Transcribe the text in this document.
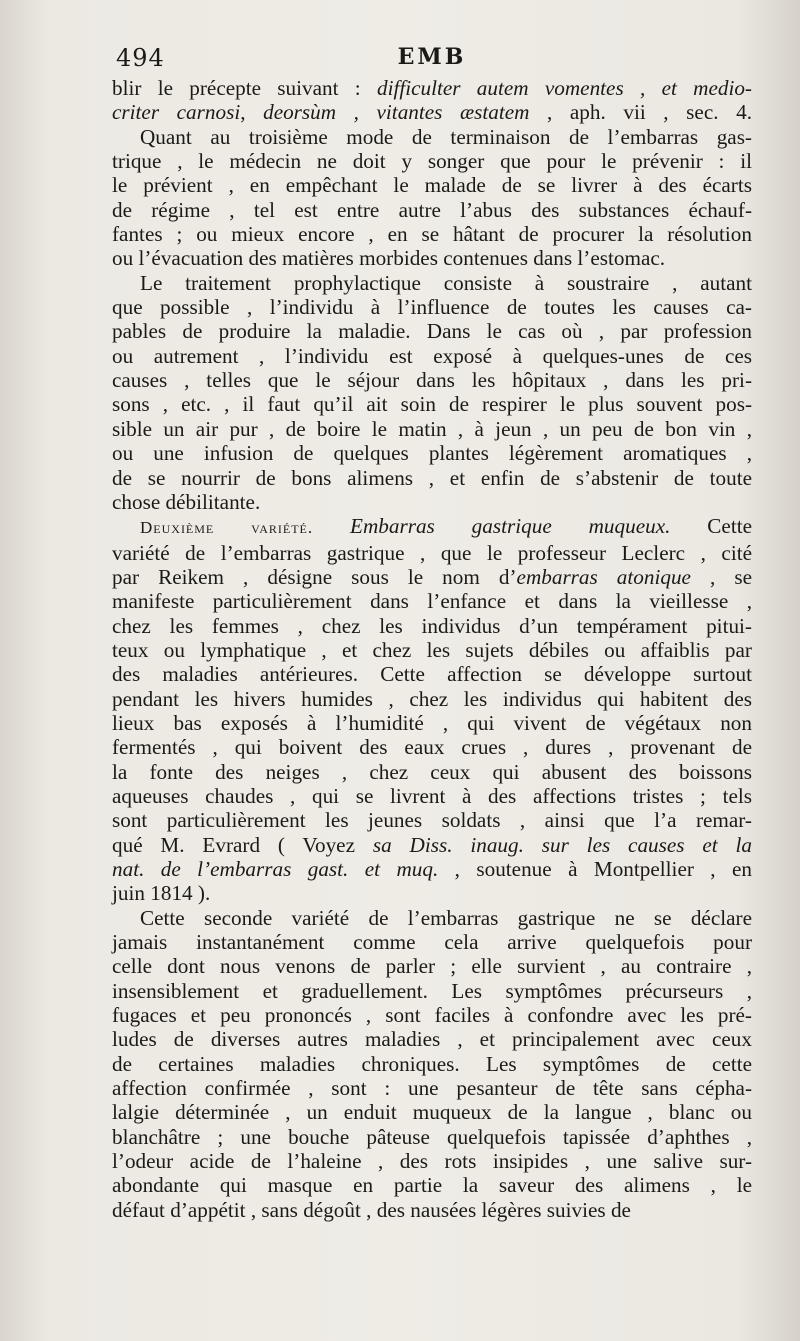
494	EMB

blir le précepte suivant : difficulter autem vomentes , et medio-
criter carnosi, deorsùm , vitantes æstatem , aph. vii , sec. 4.

Quant au troisième mode de terminaison de l’embarras gas-
trique , le médecin ne doit y songer que pour le prévenir : il
le prévient , en empêchant le malade de se livrer à des écarts
de régime , tel est entre autre l’abus des substances échauf-
fantes ; ou mieux encore , en se hâtant de procurer la résolution
ou l’évacuation des matières morbides contenues dans l’estomac.

Le traitement prophylactique consiste à soustraire , autant
que possible , l’individu à l’influence de toutes les causes ca-
pables de produire la maladie. Dans le cas où , par profession
ou autrement , l’individu est exposé à quelques-unes de ces
causes , telles que le séjour dans les hôpitaux , dans les pri-
sons , etc. , il faut qu’il ait soin de respirer le plus souvent pos-
sible un air pur , de boire le matin , à jeun , un peu de bon vin ,
ou une infusion de quelques plantes légèrement aromatiques ,
de se nourrir de bons alimens , et enfin de s’abstenir de toute
chose débilitante.

Deuxième variété. Embarras gastrique muqueux. Cette
variété de l’embarras gastrique , que le professeur Leclerc , cité
par Reikem , désigne sous le nom d’embarras atonique , se
manifeste particulièrement dans l’enfance et dans la vieillesse ,
chez les femmes , chez les individus d’un tempérament pitui-
teux ou lymphatique , et chez les sujets débiles ou affaiblis par
des maladies antérieures. Cette affection se développe surtout
pendant les hivers humides , chez les individus qui habitent des
lieux bas exposés à l’humidité , qui vivent de végétaux non
fermentés , qui boivent des eaux crues , dures , provenant de
la fonte des neiges , chez ceux qui abusent des boissons
aqueuses chaudes , qui se livrent à des affections tristes ; tels
sont particulièrement les jeunes soldats , ainsi que l’a remar-
qué M. Evrard ( Voyez sa Diss. inaug. sur les causes et la
nat. de l’embarras gast. et muq. , soutenue à Montpellier , en
juin 1814 ).

Cette seconde variété de l’embarras gastrique ne se déclare
jamais instantanément comme cela arrive quelquefois pour
celle dont nous venons de parler ; elle survient , au contraire ,
insensiblement et graduellement. Les symptômes précurseurs ,
fugaces et peu prononcés , sont faciles à confondre avec les pré-
ludes de diverses autres maladies , et principalement avec ceux
de certaines maladies chroniques. Les symptômes de cette
affection confirmée , sont : une pesanteur de tête sans cépha-
lalgie déterminée , un enduit muqueux de la langue , blanc ou
blanchâtre ; une bouche pâteuse quelquefois tapissée d’aphthes ,
l’odeur acide de l’haleine , des rots insipides , une salive sur-
abondante qui masque en partie la saveur des alimens , le
défaut d’appétit , sans dégoût , des nausées légères suivies de
